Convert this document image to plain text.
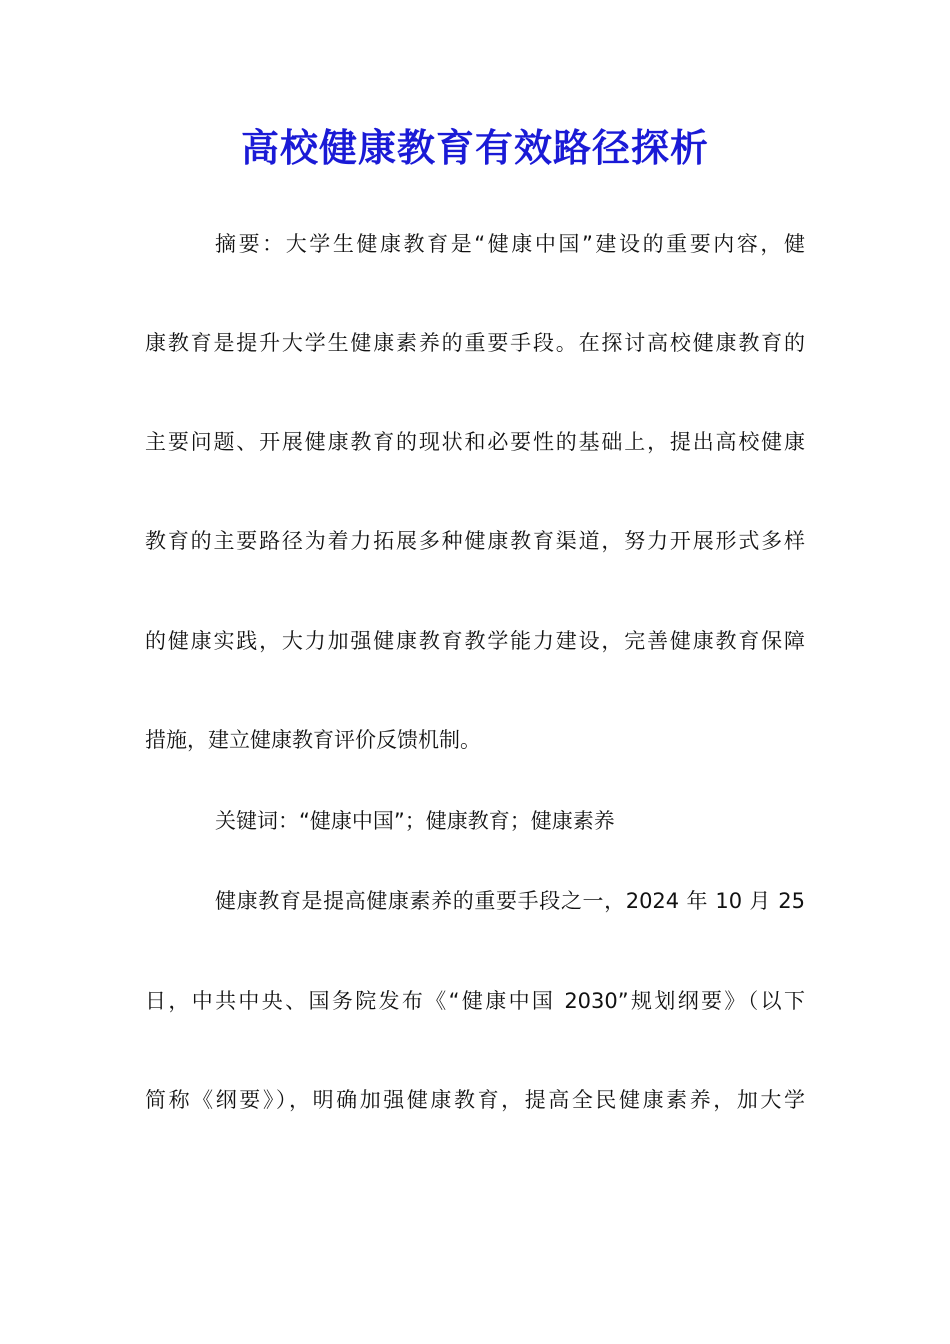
高校健康教育有效路径探析
摘要：大学生健康教育是“健康中国”建设的重要内容，健
康教育是提升大学生健康素养的重要手段。在探讨高校健康教育的
主要问题、开展健康教育的现状和必要性的基础上，提出高校健康
教育的主要路径为着力拓展多种健康教育渠道，努力开展形式多样
的健康实践，大力加强健康教育教学能力建设，完善健康教育保障
措施，建立健康教育评价反馈机制。
关键词：“健康中国”；健康教育；健康素养
健康教育是提高健康素养的重要手段之一，2024 年 10 月 25
日，中共中央、国务院发布《“健康中国 2030”规划纲要》（以下
简称《纲要》），明确加强健康教育，提高全民健康素养，加大学
